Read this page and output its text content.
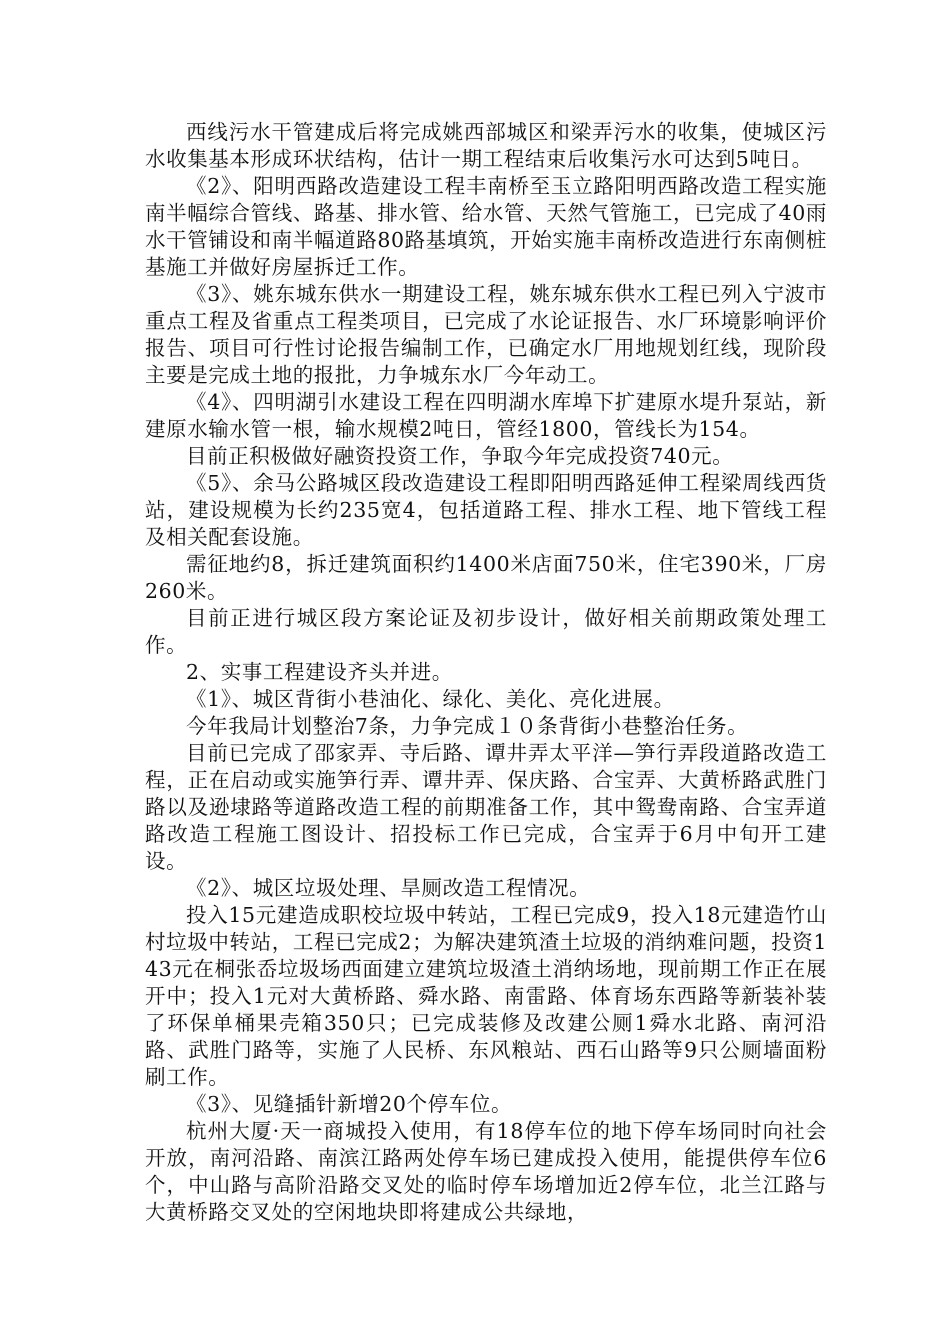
西线污水干管建成后将完成姚西部城区和梁弄污水的收集，使城区污水收集基本形成环状结构，估计一期工程结束后收集污水可达到5吨日。

《2》、阳明西路改造建设工程丰南桥至玉立路阳明西路改造工程实施南半幅综合管线、路基、排水管、给水管、天然气管施工，已完成了40雨水干管铺设和南半幅道路80路基填筑，开始实施丰南桥改造进行东南侧桩基施工并做好房屋拆迁工作。

《3》、姚东城东供水一期建设工程，姚东城东供水工程已列入宁波市重点工程及省重点工程类项目，已完成了水论证报告、水厂环境影响评价报告、项目可行性讨论报告编制工作，已确定水厂用地规划红线，现阶段主要是完成土地的报批，力争城东水厂今年动工。

《4》、四明湖引水建设工程在四明湖水库埠下扩建原水堤升泵站，新建原水输水管一根，输水规模2吨日，管经1800，管线长为154。

目前正积极做好融资投资工作，争取今年完成投资740元。

《5》、余马公路城区段改造建设工程即阳明西路延伸工程梁周线西货站，建设规模为长约235宽4，包括道路工程、排水工程、地下管线工程及相关配套设施。

需征地约8，拆迁建筑面积约1400米店面750米，住宅390米，厂房260米。

目前正进行城区段方案论证及初步设计，做好相关前期政策处理工作。

2、实事工程建设齐头并进。

《1》、城区背街小巷油化、绿化、美化、亮化进展。

今年我局计划整治7条，力争完成１０条背街小巷整治任务。

目前已完成了邵家弄、寺后路、谭井弄太平洋—笋行弄段道路改造工程，正在启动或实施笋行弄、谭井弄、保庆路、合宝弄、大黄桥路武胜门路以及逊埭路等道路改造工程的前期准备工作，其中鸳鸯南路、合宝弄道路改造工程施工图设计、招投标工作已完成，合宝弄于6月中旬开工建设。

《2》、城区垃圾处理、旱厕改造工程情况。

投入15元建造成职校垃圾中转站，工程已完成9，投入18元建造竹山村垃圾中转站，工程已完成2；为解决建筑渣土垃圾的消纳难问题，投资143元在桐张岙垃圾场西面建立建筑垃圾渣土消纳场地，现前期工作正在展开中；投入1元对大黄桥路、舜水路、南雷路、体育场东西路等新装补装了环保单桶果壳箱350只；已完成装修及改建公厕1舜水北路、南河沿路、武胜门路等，实施了人民桥、东风粮站、西石山路等9只公厕墙面粉刷工作。

《3》、见缝插针新增20个停车位。

杭州大厦·天一商城投入使用，有18停车位的地下停车场同时向社会开放，南河沿路、南滨江路两处停车场已建成投入使用，能提供停车位6个，中山路与高阶沿路交叉处的临时停车场增加近2停车位，北兰江路与大黄桥路交叉处的空闲地块即将建成公共绿地，
